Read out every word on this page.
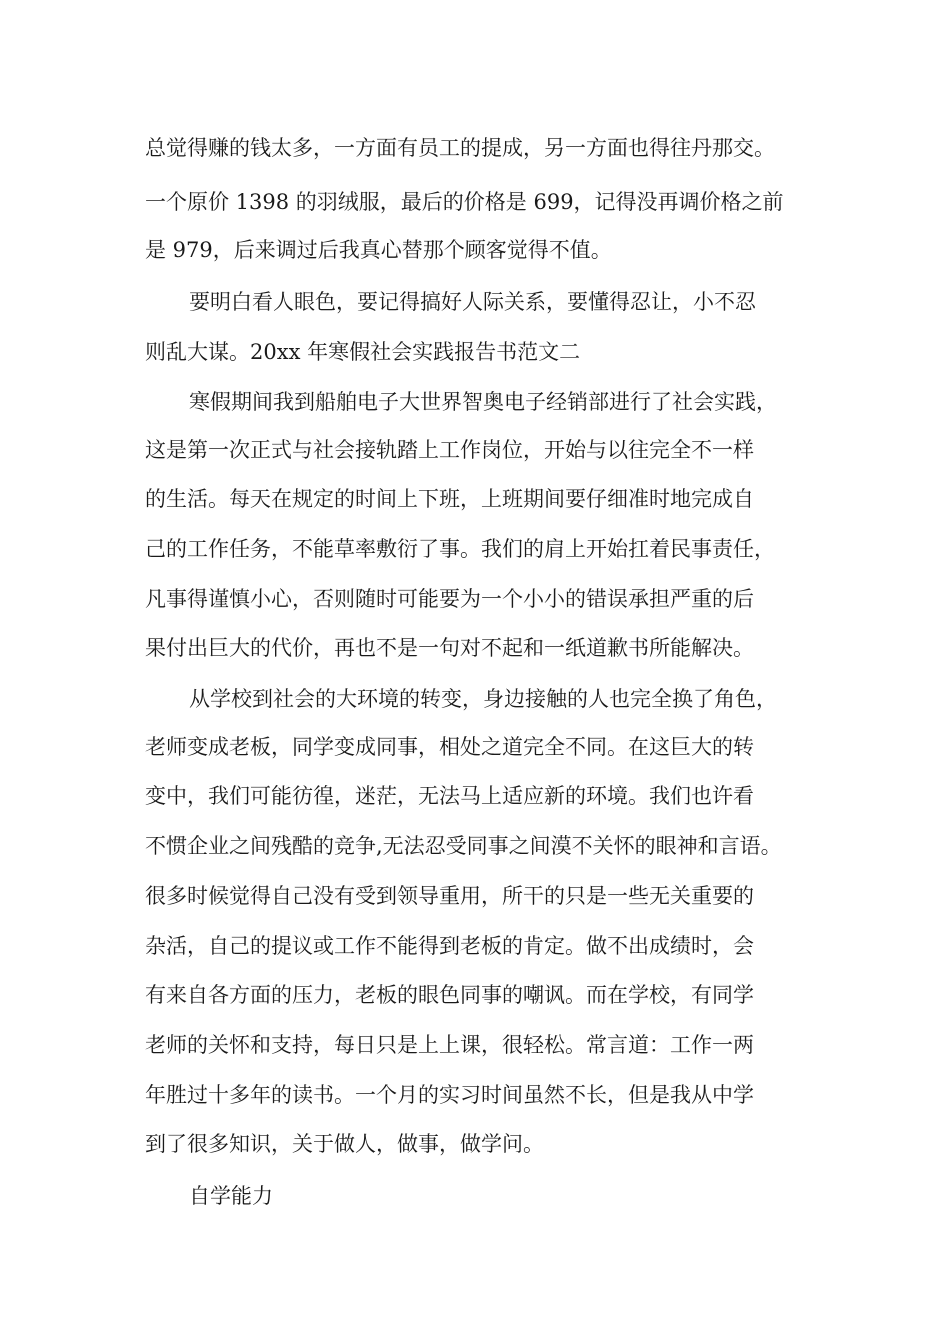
总觉得赚的钱太多，一方面有员工的提成，另一方面也得往丹那交。
一个原价 1398 的羽绒服，最后的价格是 699，记得没再调价格之前
是 979，后来调过后我真心替那个顾客觉得不值。
要明白看人眼色，要记得搞好人际关系，要懂得忍让，小不忍
则乱大谋。20xx 年寒假社会实践报告书范文二
寒假期间我到船舶电子大世界智奥电子经销部进行了社会实践，
这是第一次正式与社会接轨踏上工作岗位，开始与以往完全不一样
的生活。每天在规定的时间上下班，上班期间要仔细准时地完成自
己的工作任务，不能草率敷衍了事。我们的肩上开始扛着民事责任，
凡事得谨慎小心，否则随时可能要为一个小小的错误承担严重的后
果付出巨大的代价，再也不是一句对不起和一纸道歉书所能解决。
从学校到社会的大环境的转变，身边接触的人也完全换了角色，
老师变成老板，同学变成同事，相处之道完全不同。在这巨大的转
变中，我们可能彷徨，迷茫，无法马上适应新的环境。我们也许看
不惯企业之间残酷的竞争,无法忍受同事之间漠不关怀的眼神和言语。
很多时候觉得自己没有受到领导重用，所干的只是一些无关重要的
杂活，自己的提议或工作不能得到老板的肯定。做不出成绩时，会
有来自各方面的压力，老板的眼色同事的嘲讽。而在学校，有同学
老师的关怀和支持，每日只是上上课，很轻松。常言道：工作一两
年胜过十多年的读书。一个月的实习时间虽然不长，但是我从中学
到了很多知识，关于做人，做事，做学问。
自学能力
